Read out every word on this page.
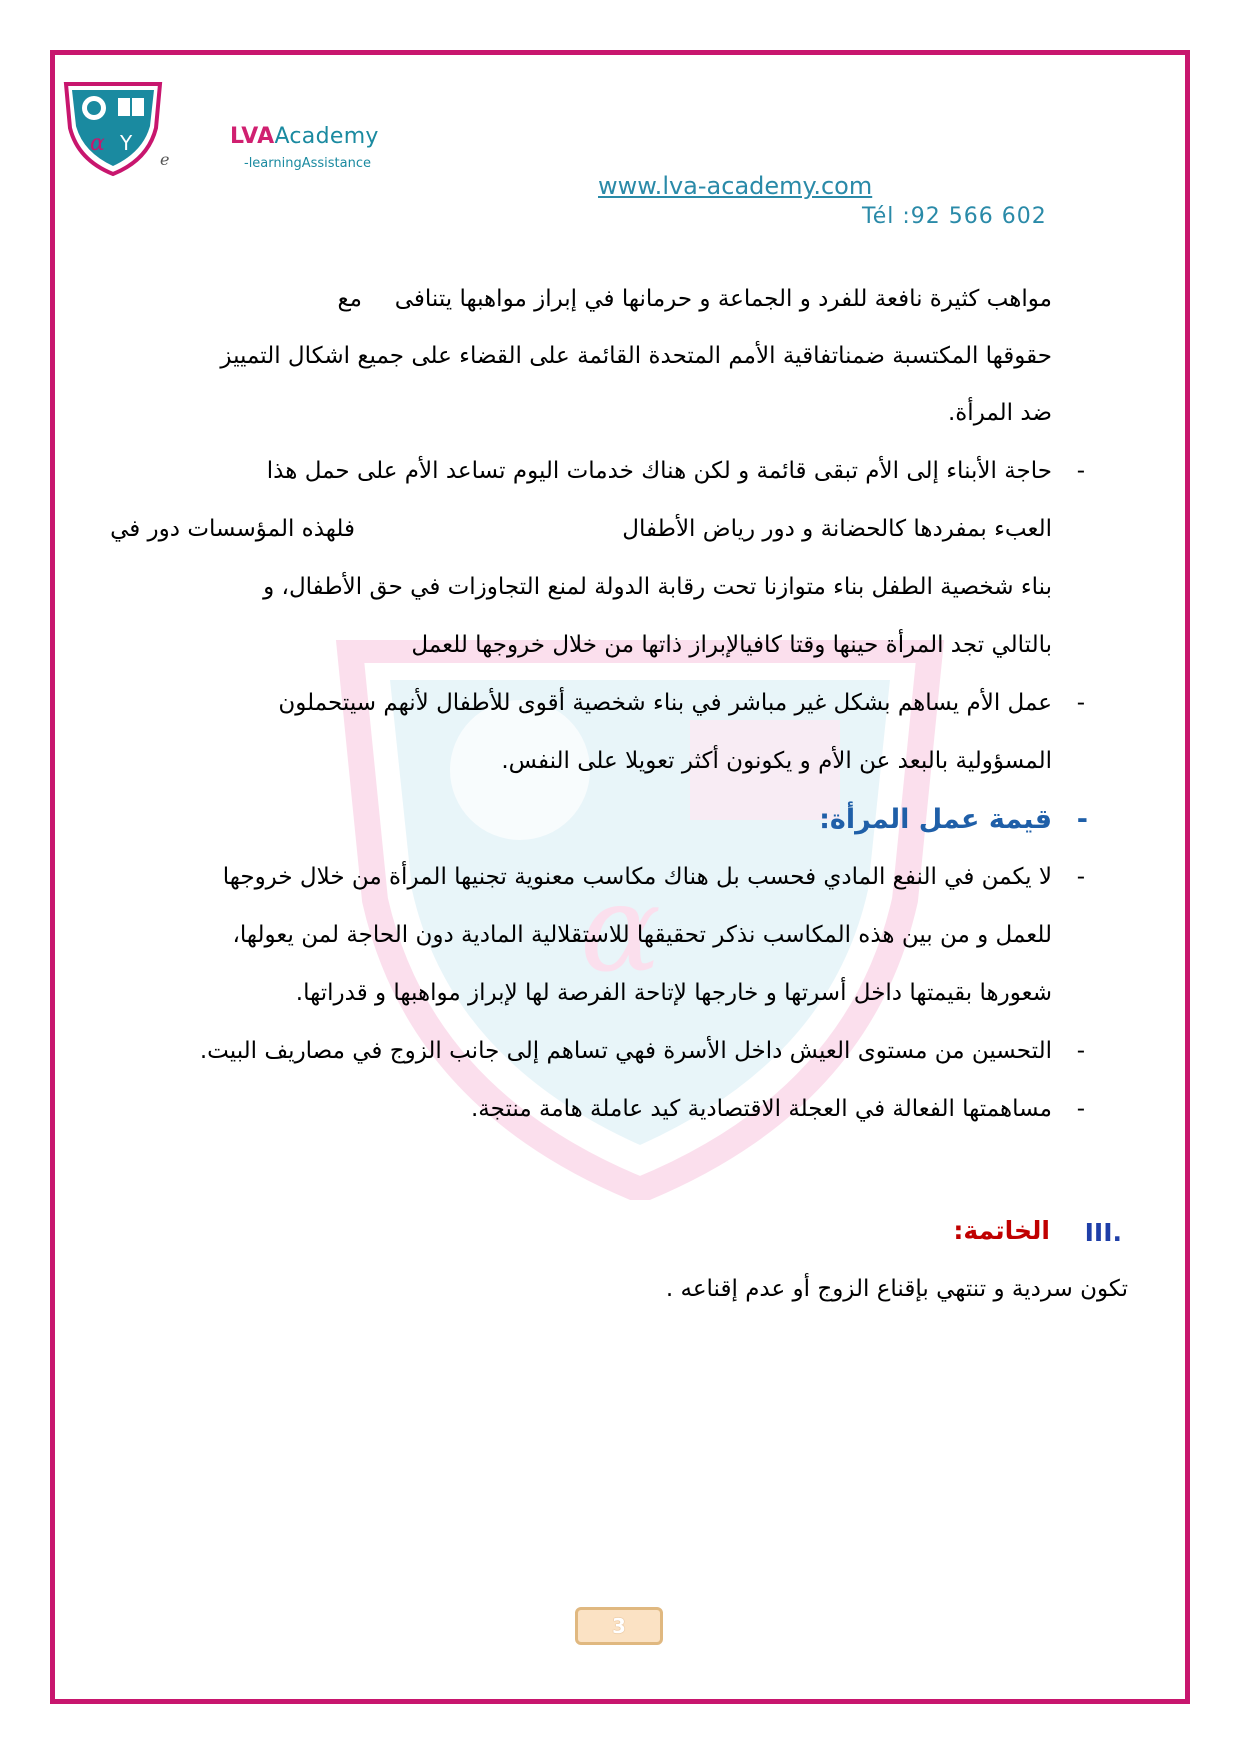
α Y
e
LVAAcademy
-learningAssistance
www.lva-academy.com
Tél :92 566 602
α
مواهب كثيرة نافعة للفرد و الجماعة و حرمانها في إبراز مواهبها يتنافى
مع
حقوقها المكتسبة ضمناتفاقية الأمم المتحدة القائمة على القضاء على جميع اشكال التمييز
ضد المرأة.
-
حاجة الأبناء إلى الأم تبقى قائمة و لكن هناك خدمات اليوم تساعد الأم على حمل هذا
العبء بمفردها كالحضانة و دور رياض الأطفال
فلهذه المؤسسات دور في
بناء شخصية الطفل بناء متوازنا تحت رقابة الدولة لمنع التجاوزات في حق الأطفال، و
بالتالي تجد المرأة حينها وقتا كافيالإبراز ذاتها من خلال خروجها للعمل
-
عمل الأم يساهم بشكل غير مباشر في بناء شخصية أقوى للأطفال لأنهم سيتحملون
المسؤولية بالبعد عن الأم و يكونون أكثر تعويلا على النفس.
-
قيمة عمل المرأة:
-
لا يكمن في النفع المادي فحسب بل هناك مكاسب معنوية تجنيها المرأة من خلال خروجها
للعمل و من بين هذه المكاسب نذكر تحقيقها للاستقلالية المادية دون الحاجة لمن يعولها،
شعورها بقيمتها داخل أسرتها و خارجها لإتاحة الفرصة لها لإبراز مواهبها و قدراتها.
-
التحسين من مستوى العيش داخل الأسرة فهي تساهم إلى جانب الزوج في مصاريف البيت.
-
مساهمتها الفعالة في العجلة الاقتصادية كيد عاملة هامة منتجة.
III.
الخاتمة:
تكون سردية و تنتهي بإقناع الزوج أو عدم إقناعه .
3
